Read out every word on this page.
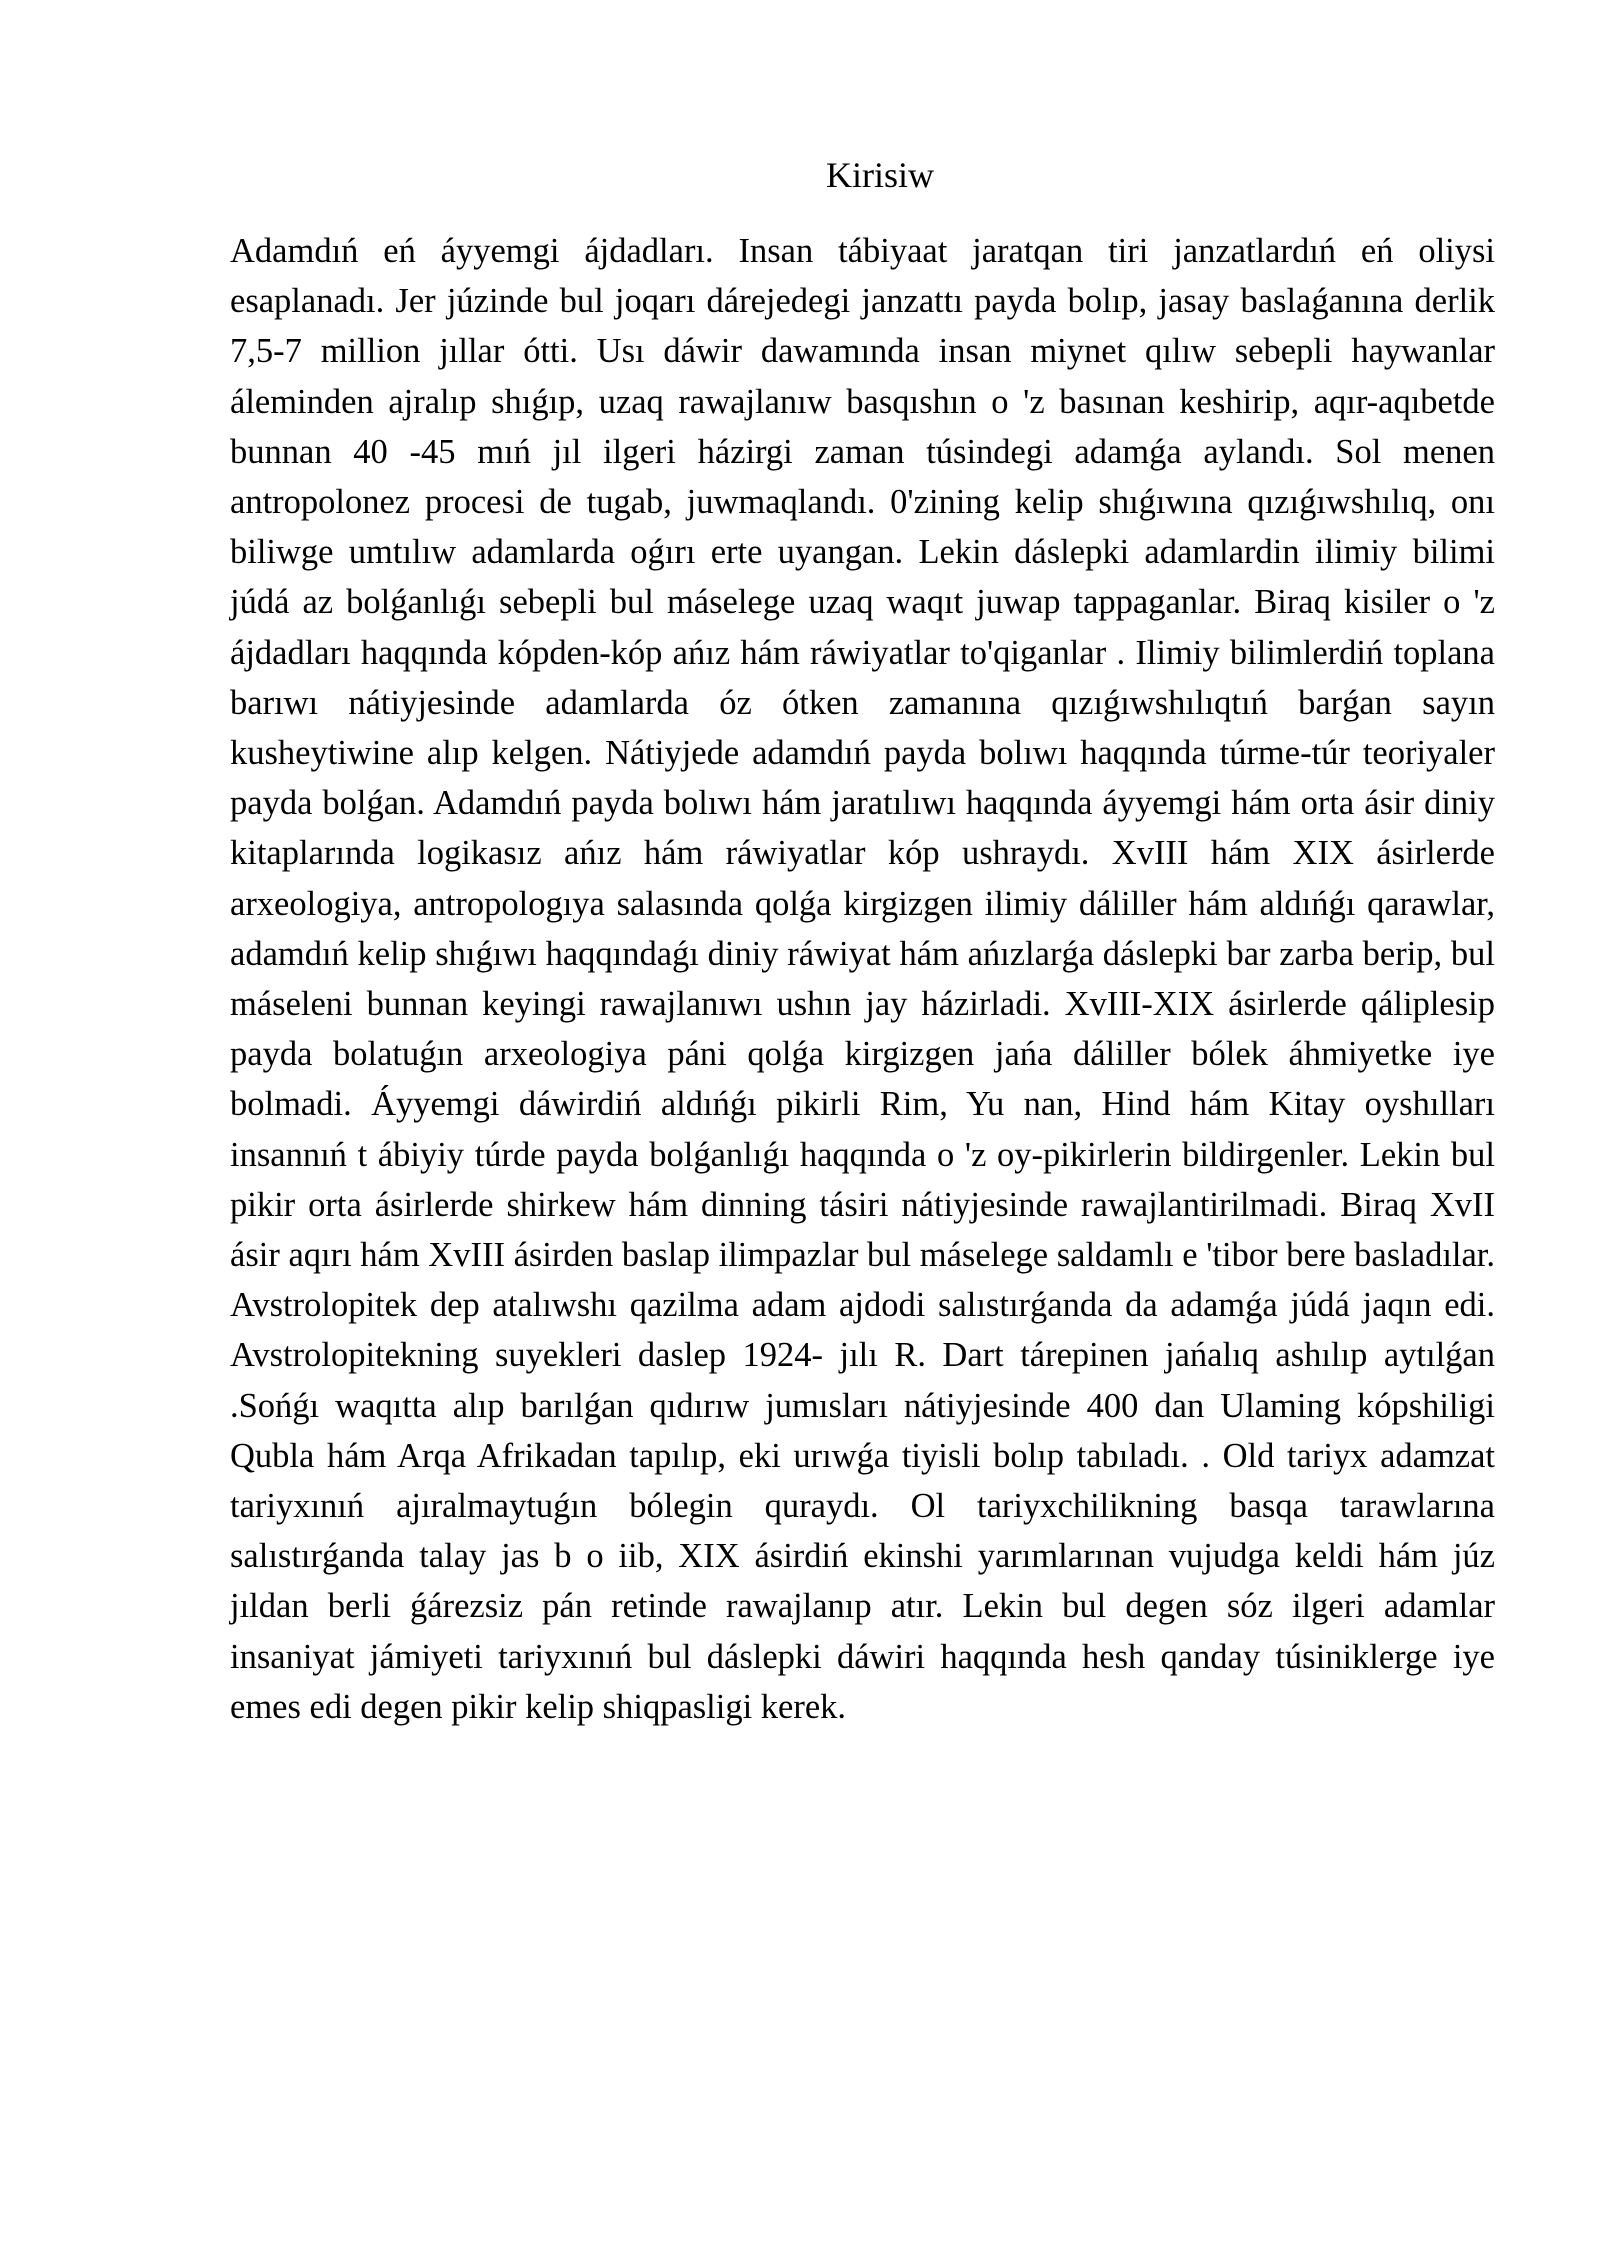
Kirisiw

Adamdıń eń áyyemgi ájdadları. Insan tábiyaat jaratqan tiri janzatlardıń eń oliysi esaplanadı. Jer júzinde bul joqarı dárejedegi janzattı payda bolıp, jasay baslaǵanına derlik 7,5-7 million jıllar ótti. Usı dáwir dawamında insan miynet qılıw sebepli haywanlar áleminden ajralıp shıǵıp, uzaq rawajlanıw basqıshın o 'z basınan keshirip, aqır-aqıbetde bunnan 40 -45 mıń jıl ilgeri házirgi zaman túsindegi adamǵa aylandı. Sol menen antropolonez procesi de tugab, juwmaqlandı. 0'zining kelip shıǵıwına qızıǵıwshılıq, onı biliwge umtılıw adamlarda oǵırı erte uyangan. Lekin dáslepki adamlardin ilimiy bilimi júdá az bolǵanlıǵı sebepli bul máselege uzaq waqıt juwap tappaganlar. Biraq kisiler o 'z ájdadları haqqında kópden-kóp ańız hám ráwiyatlar to'qiganlar . Ilimiy bilimlerdiń toplana barıwı nátiyjesinde adamlarda óz ótken zamanına qızıǵıwshılıqtıń barǵan sayın kusheytiwine alıp kelgen. Nátiyjede adamdıń payda bolıwı haqqında túrme-túr teoriyaler payda bolǵan. Adamdıń payda bolıwı hám jaratılıwı haqqında áyyemgi hám orta ásir diniy kitaplarında logikasız ańız hám ráwiyatlar kóp ushraydı. XvIII hám XIX ásirlerde arxeologiya, antropologıya salasında qolǵa kirgizgen ilimiy dáliller hám aldıńǵı qarawlar, adamdıń kelip shıǵıwı haqqındaǵı diniy ráwiyat hám ańızlarǵa dáslepki bar zarba berip, bul máseleni bunnan keyingi rawajlanıwı ushın jay házirladi. XvIII-XIX ásirlerde qáliplesip payda bolatuǵın arxeologiya páni qolǵa kirgizgen jańa dáliller bólek áhmiyetke iye bolmadi. Áyyemgi dáwirdiń aldıńǵı pikirli Rim, Yu nan, Hind hám Kitay oyshılları insannıń t ábiyiy túrde payda bolǵanlıǵı haqqında o 'z oy-pikirlerin bildirgenler. Lekin bul pikir orta ásirlerde shirkew hám dinning tásiri nátiyjesinde rawajlantirilmadi. Biraq XvII ásir aqırı hám XvIII ásirden baslap ilimpazlar bul máselege saldamlı e 'tibor bere basladılar. Avstrolopitek dep atalıwshı qazilma adam ajdodi salıstırǵanda da adamǵa júdá jaqın edi. Avstrolopitekning suyekleri daslep 1924- jılı R. Dart tárepinen jańalıq ashılıp aytılǵan .Sońǵı waqıtta alıp barılǵan qıdırıw jumısları nátiyjesinde 400 dan Ulaming kópshiligi Qubla hám Arqa Afrikadan tapılıp, eki urıwǵa tiyisli bolıp tabıladı. . Old tariyx adamzat tariyxınıń ajıralmaytuǵın bólegin quraydı. Ol tariyxchilikning basqa tarawlarına salıstırǵanda talay jas b o iib, XIX ásirdiń ekinshi yarımlarınan vujudga keldi hám júz jıldan berli ǵárezsiz pán retinde rawajlanıp atır. Lekin bul degen sóz ilgeri adamlar insaniyat jámiyeti tariyxınıń bul dáslepki dáwiri haqqında hesh qanday túsiniklerge iye emes edi degen pikir kelip shiqpasligi kerek.
